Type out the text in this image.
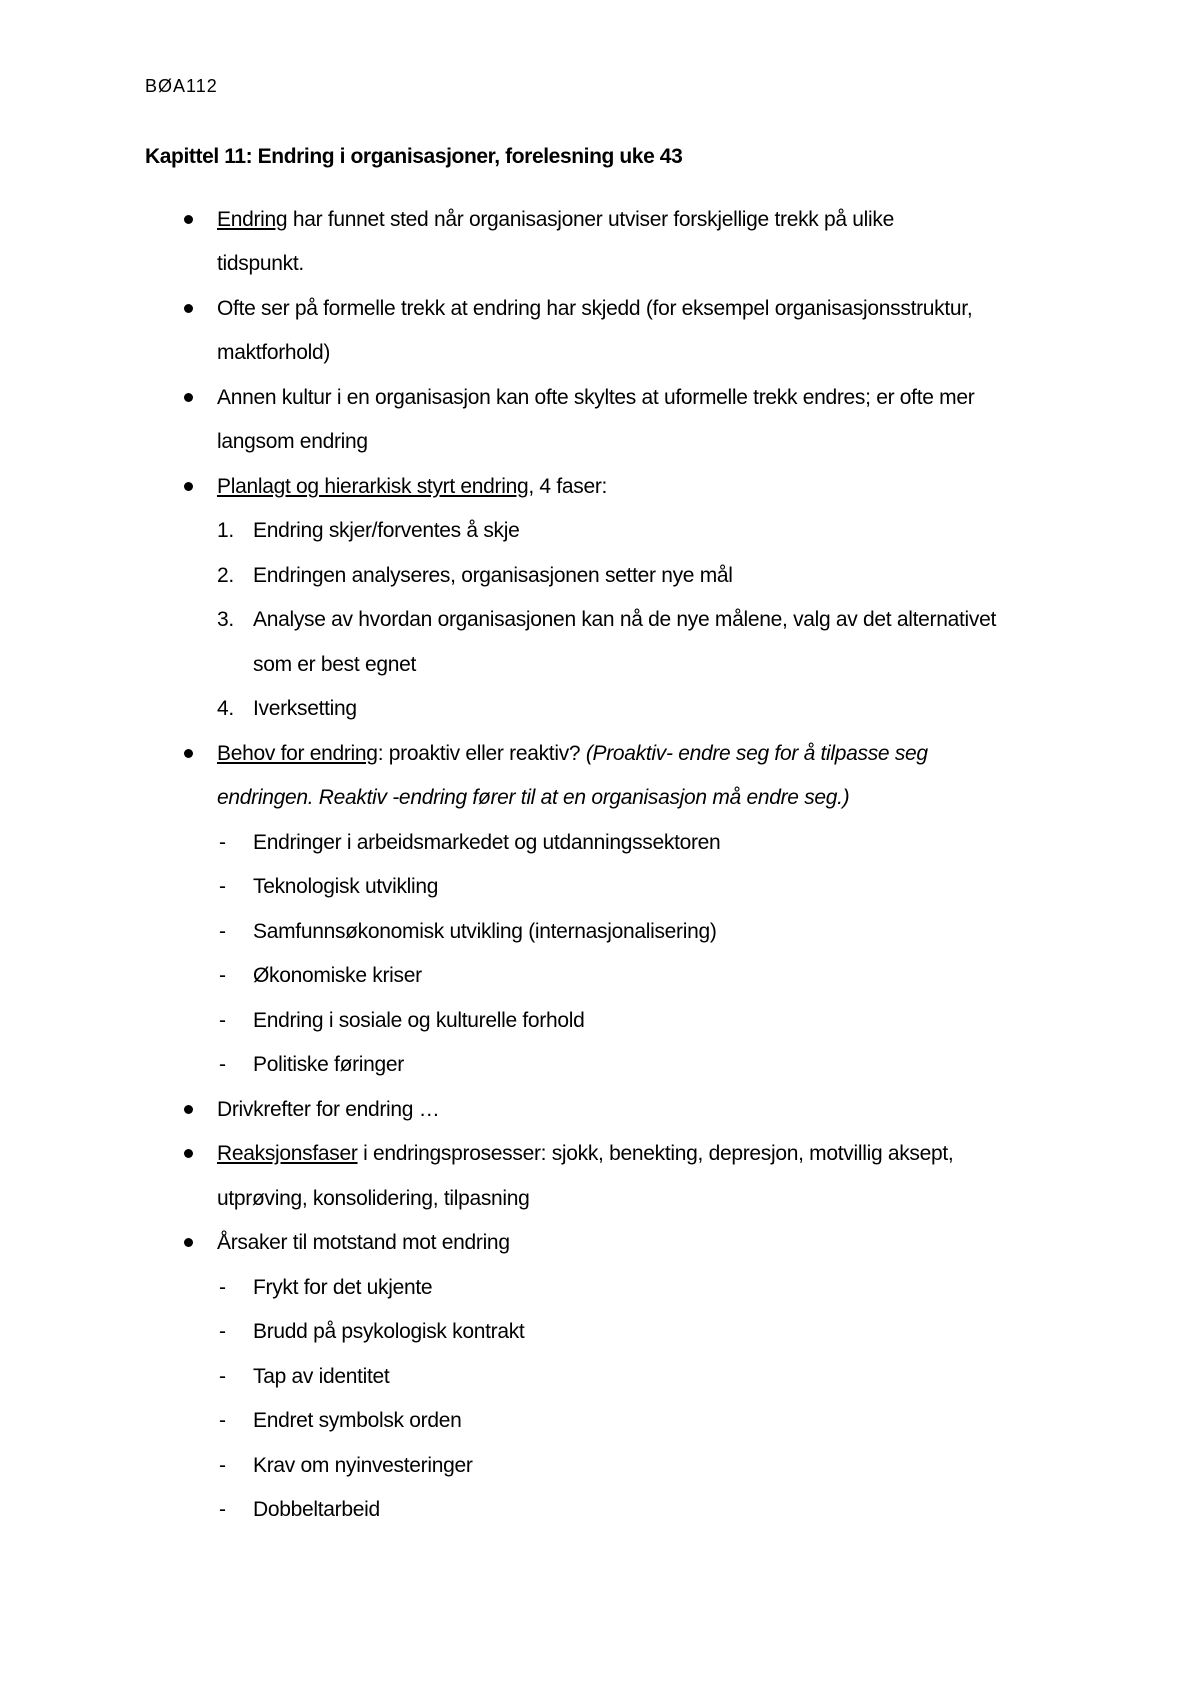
BØA112
Kapittel 11: Endring i organisasjoner, forelesning uke 43
Endring har funnet sted når organisasjoner utviser forskjellige trekk på ulike
tidspunkt.
Ofte ser på formelle trekk at endring har skjedd (for eksempel organisasjonsstruktur,
maktforhold)
Annen kultur i en organisasjon kan ofte skyltes at uformelle trekk endres; er ofte mer
langsom endring
Planlagt og hierarkisk styrt endring, 4 faser:
1. Endring skjer/forventes å skje
2. Endringen analyseres, organisasjonen setter nye mål
3. Analyse av hvordan organisasjonen kan nå de nye målene, valg av det alternativet
som er best egnet
4. Iverksetting
Behov for endring: proaktiv eller reaktiv? (Proaktiv- endre seg for å tilpasse seg
endringen. Reaktiv -endring fører til at en organisasjon må endre seg.)
- Endringer i arbeidsmarkedet og utdanningssektoren
- Teknologisk utvikling
- Samfunnsøkonomisk utvikling (internasjonalisering)
- Økonomiske kriser
- Endring i sosiale og kulturelle forhold
- Politiske føringer
Drivkrefter for endring …
Reaksjonsfaser i endringsprosesser: sjokk, benekting, depresjon, motvillig aksept,
utprøving, konsolidering, tilpasning
Årsaker til motstand mot endring
- Frykt for det ukjente
- Brudd på psykologisk kontrakt
- Tap av identitet
- Endret symbolsk orden
- Krav om nyinvesteringer
- Dobbeltarbeid
